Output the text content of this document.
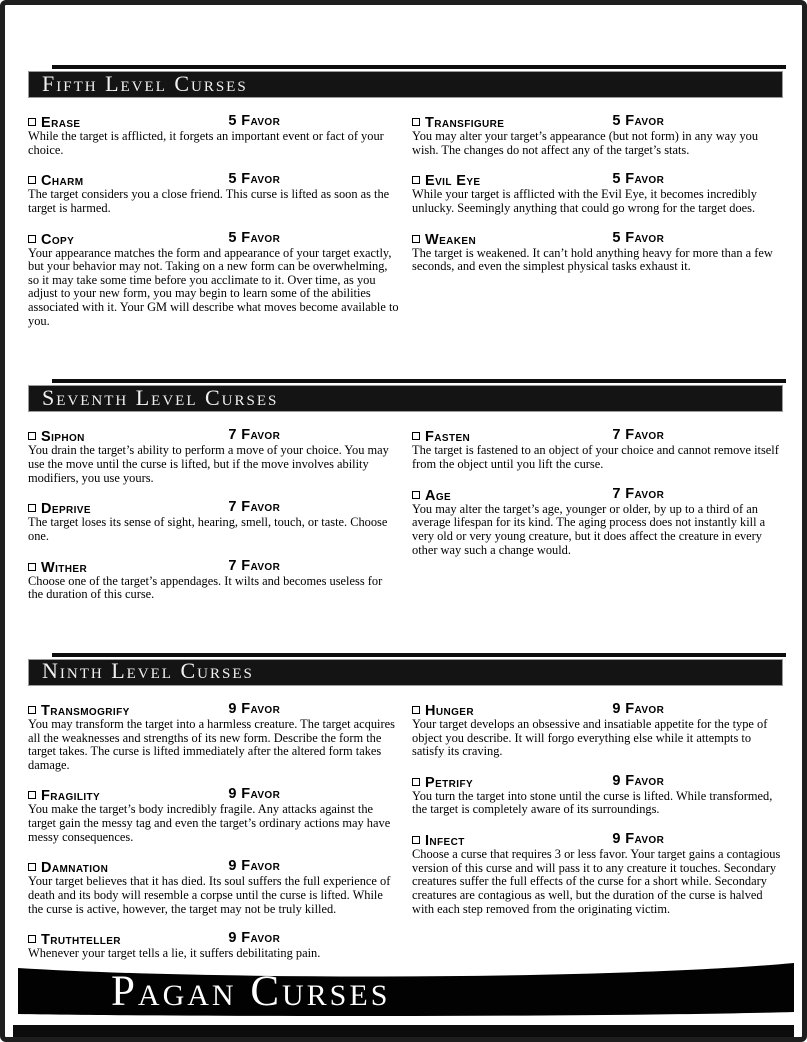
Fifth Level Curses
Erase	5 Favor
While the target is afflicted, it forgets an important event or fact of your choice.
Charm	5 Favor
The target considers you a close friend. This curse is lifted as soon as the target is harmed.
Copy	5 Favor
Your appearance matches the form and appearance of your target exactly, but your behavior may not. Taking on a new form can be overwhelming, so it may take some time before you acclimate to it. Over time, as you adjust to your new form, you may begin to learn some of the abilities associated with it. Your GM will describe what moves become available to you.
Transfigure	5 Favor
You may alter your target’s appearance (but not form) in any way you wish. The changes do not affect any of the target’s stats.
Evil Eye	5 Favor
While your target is afflicted with the Evil Eye, it becomes incredibly unlucky. Seemingly anything that could go wrong for the target does.
Weaken	5 Favor
The target is weakened. It can’t hold anything heavy for more than a few seconds, and even the simplest physical tasks exhaust it.
Seventh Level Curses
Siphon	7 Favor
You drain the target’s ability to perform a move of your choice. You may use the move until the curse is lifted, but if the move involves ability modifiers, you use yours.
Deprive	7 Favor
The target loses its sense of sight, hearing, smell, touch, or taste. Choose one.
Wither	7 Favor
Choose one of the target’s appendages. It wilts and becomes useless for the duration of this curse.
Fasten	7 Favor
The target is fastened to an object of your choice and cannot remove itself from the object until you lift the curse.
Age	7 Favor
You may alter the target’s age, younger or older, by up to a third of an average lifespan for its kind. The aging process does not instantly kill a very old or very young creature, but it does affect the creature in every other way such a change would.
Ninth Level Curses
Transmogrify	9 Favor
You may transform the target into a harmless creature. The target acquires all the weaknesses and strengths of its new form. Describe the form the target takes. The curse is lifted immediately after the altered form takes damage.
Fragility	9 Favor
You make the target’s body incredibly fragile. Any attacks against the target gain the messy tag and even the target’s ordinary actions may have messy consequences.
Damnation	9 Favor
Your target believes that it has died. Its soul suffers the full experience of death and its body will resemble a corpse until the curse is lifted. While the curse is active, however, the target may not be truly killed.
Truthteller	9 Favor
Whenever your target tells a lie, it suffers debilitating pain.
Hunger	9 Favor
Your target develops an obsessive and insatiable appetite for the type of object you describe. It will forgo everything else while it attempts to satisfy its craving.
Petrify	9 Favor
You turn the target into stone until the curse is lifted. While transformed, the target is completely aware of its surroundings.
Infect	9 Favor
Choose a curse that requires 3 or less favor. Your target gains a contagious version of this curse and will pass it to any creature it touches. Secondary creatures suffer the full effects of the curse for a short while. Secondary creatures are contagious as well, but the duration of the curse is halved with each step removed from the originating victim.
Pagan Curses
